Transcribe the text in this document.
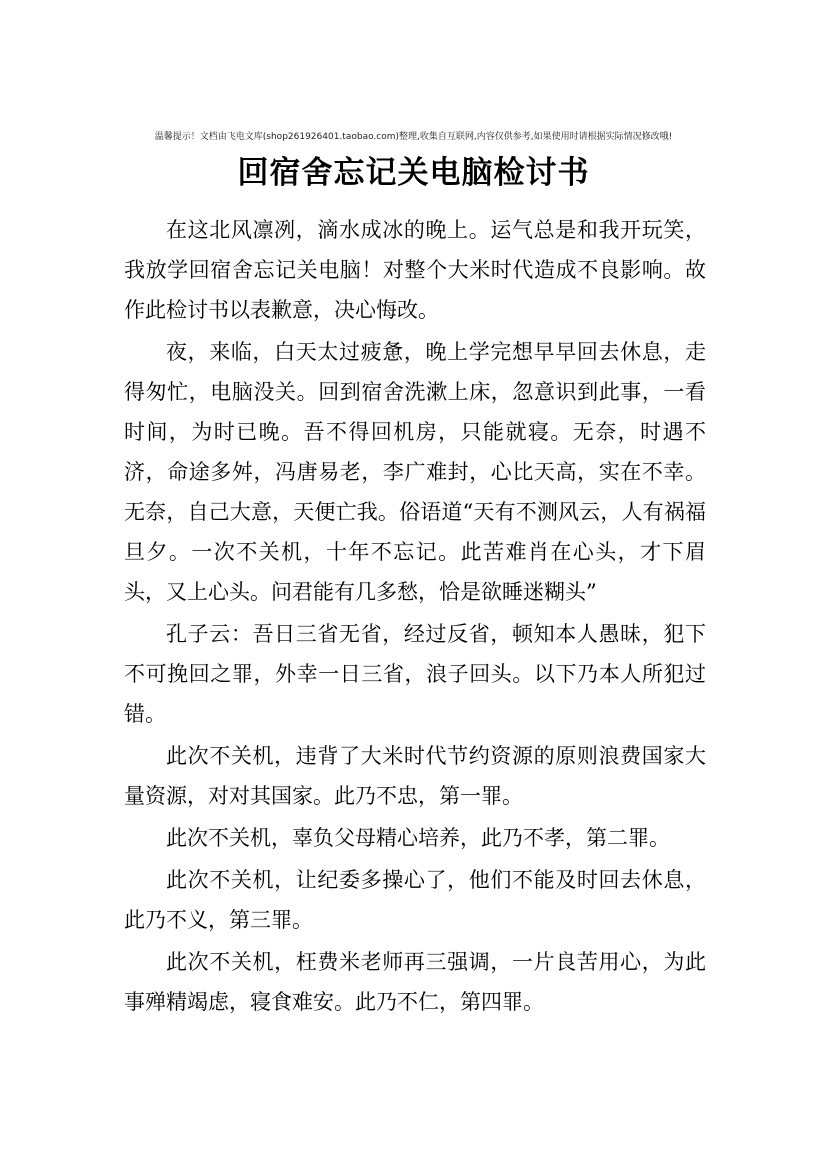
温馨提示！文档由飞电文库(shop261926401.taobao.com)整理,收集自互联网,内容仅供参考,如果使用时请根据实际情况修改哦!
回宿舍忘记关电脑检讨书

在这北风凛冽，滴水成冰的晚上。运气总是和我开玩笑，我放学回宿舍忘记关电脑！对整个大米时代造成不良影响。故作此检讨书以表歉意，决心悔改。

夜，来临，白天太过疲惫，晚上学完想早早回去休息，走得匆忙，电脑没关。回到宿舍洗漱上床，忽意识到此事，一看时间，为时已晚。吾不得回机房，只能就寝。无奈，时遇不济，命途多舛，冯唐易老，李广难封，心比天高，实在不幸。无奈，自己大意，天便亡我。俗语道“天有不测风云，人有祸福旦夕。一次不关机，十年不忘记。此苦难肖在心头，才下眉头，又上心头。问君能有几多愁，恰是欲睡迷糊头”

孔子云：吾日三省无省，经过反省，顿知本人愚昧，犯下不可挽回之罪，外幸一日三省，浪子回头。以下乃本人所犯过错。

此次不关机，违背了大米时代节约资源的原则浪费国家大量资源，对对其国家。此乃不忠，第一罪。

此次不关机，辜负父母精心培养，此乃不孝，第二罪。

此次不关机，让纪委多操心了，他们不能及时回去休息，此乃不义，第三罪。

此次不关机，枉费米老师再三强调，一片良苦用心，为此事殚精竭虑，寝食难安。此乃不仁，第四罪。
